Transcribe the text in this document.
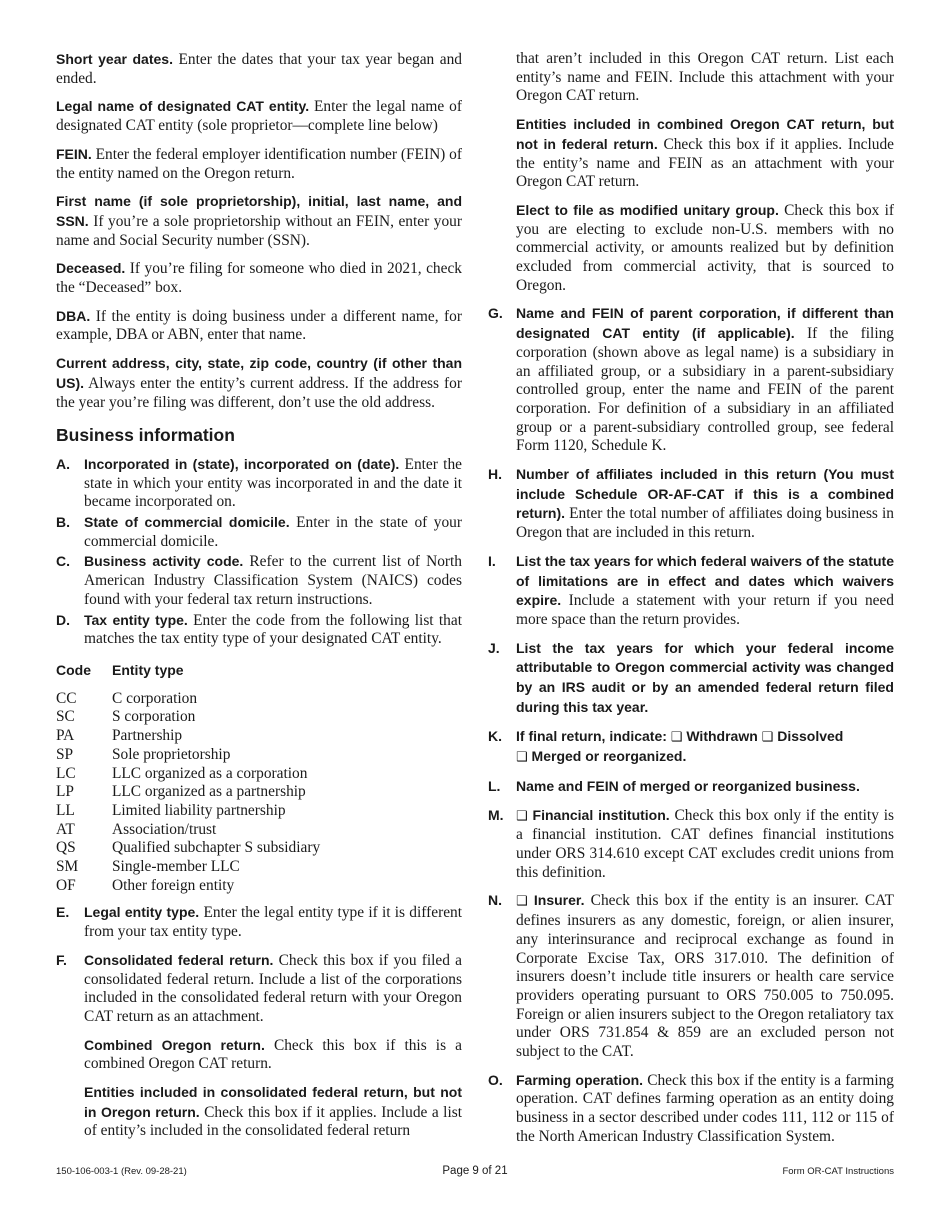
Short year dates. Enter the dates that your tax year began and ended.

Legal name of designated CAT entity. Enter the legal name of designated CAT entity (sole proprietor—complete line below)

FEIN. Enter the federal employer identification number (FEIN) of the entity named on the Oregon return.

First name (if sole proprietorship), initial, last name, and SSN. If you’re a sole proprietorship without an FEIN, enter your name and Social Security number (SSN).

Deceased. If you’re filing for someone who died in 2021, check the “Deceased” box.

DBA. If the entity is doing business under a different name, for example, DBA or ABN, enter that name.

Current address, city, state, zip code, country (if other than US). Always enter the entity’s current address. If the address for the year you’re filing was different, don’t use the old address.

Business information
A. Incorporated in (state), incorporated on (date). Enter the state in which your entity was incorporated in and the date it became incorporated on.
B. State of commercial domicile. Enter in the state of your commercial domicile.
C. Business activity code. Refer to the current list of North American Industry Classification System (NAICS) codes found with your federal tax return instructions.
D. Tax entity type. Enter the code from the following list that matches the tax entity type of your designated CAT entity.
Code	Entity type
CC	C corporation
SC	S corporation
PA	Partnership
SP	Sole proprietorship
LC	LLC organized as a corporation
LP	LLC organized as a partnership
LL	Limited liability partnership
AT	Association/trust
QS	Qualified subchapter S subsidiary
SM	Single-member LLC
OF	Other foreign entity
E. Legal entity type. Enter the legal entity type if it is different from your tax entity type.
F. Consolidated federal return. Check this box if you filed a consolidated federal return. Include a list of the corporations included in the consolidated federal return with your Oregon CAT return as an attachment.

Combined Oregon return. Check this box if this is a combined Oregon CAT return.

Entities included in consolidated federal return, but not in Oregon return. Check this box if it applies. Include a list of entity’s included in the consolidated federal return

that aren’t included in this Oregon CAT return. List each entity’s name and FEIN. Include this attachment with your Oregon CAT return.

Entities included in combined Oregon CAT return, but not in federal return. Check this box if it applies. Include the entity’s name and FEIN as an attachment with your Oregon CAT return.

Elect to file as modified unitary group. Check this box if you are electing to exclude non-U.S. members with no commercial activity, or amounts realized but by definition excluded from commercial activity, that is sourced to Oregon.

G. Name and FEIN of parent corporation, if different than designated CAT entity (if applicable). If the filing corporation (shown above as legal name) is a subsidiary in an affiliated group, or a subsidiary in a parent-subsidiary controlled group, enter the name and FEIN of the parent corporation. For definition of a subsidiary in an affiliated group or a parent-subsidiary controlled group, see federal Form 1120, Schedule K.
H. Number of affiliates included in this return (You must include Schedule OR-AF-CAT if this is a combined return). Enter the total number of affiliates doing business in Oregon that are included in this return.
I. List the tax years for which federal waivers of the statute of limitations are in effect and dates which waivers expire. Include a statement with your return if you need more space than the return provides.
J. List the tax years for which your federal income attributable to Oregon commercial activity was changed by an IRS audit or by an amended federal return filed during this tax year.
K. If final return, indicate: ❑ Withdrawn ❑ Dissolved
❑ Merged or reorganized.
L. Name and FEIN of merged or reorganized business.
M. ❑ Financial institution. Check this box only if the entity is a financial institution. CAT defines financial institutions under ORS 314.610 except CAT excludes credit unions from this definition.
N. ❑ Insurer. Check this box if the entity is an insurer. CAT defines insurers as any domestic, foreign, or alien insurer, any interinsurance and reciprocal exchange as found in Corporate Excise Tax, ORS 317.010. The definition of insurers doesn’t include title insurers or health care service providers operating pursuant to ORS 750.005 to 750.095. Foreign or alien insurers subject to the Oregon retaliatory tax under ORS 731.854 & 859 are an excluded person not subject to the CAT.
O. Farming operation. Check this box if the entity is a farming operation. CAT defines farming operation as an entity doing business in a sector described under codes 111, 112 or 115 of the North American Industry Classification System.
150-106-003-1 (Rev. 09-28-21)	Page 9 of 21	Form OR-CAT Instructions
